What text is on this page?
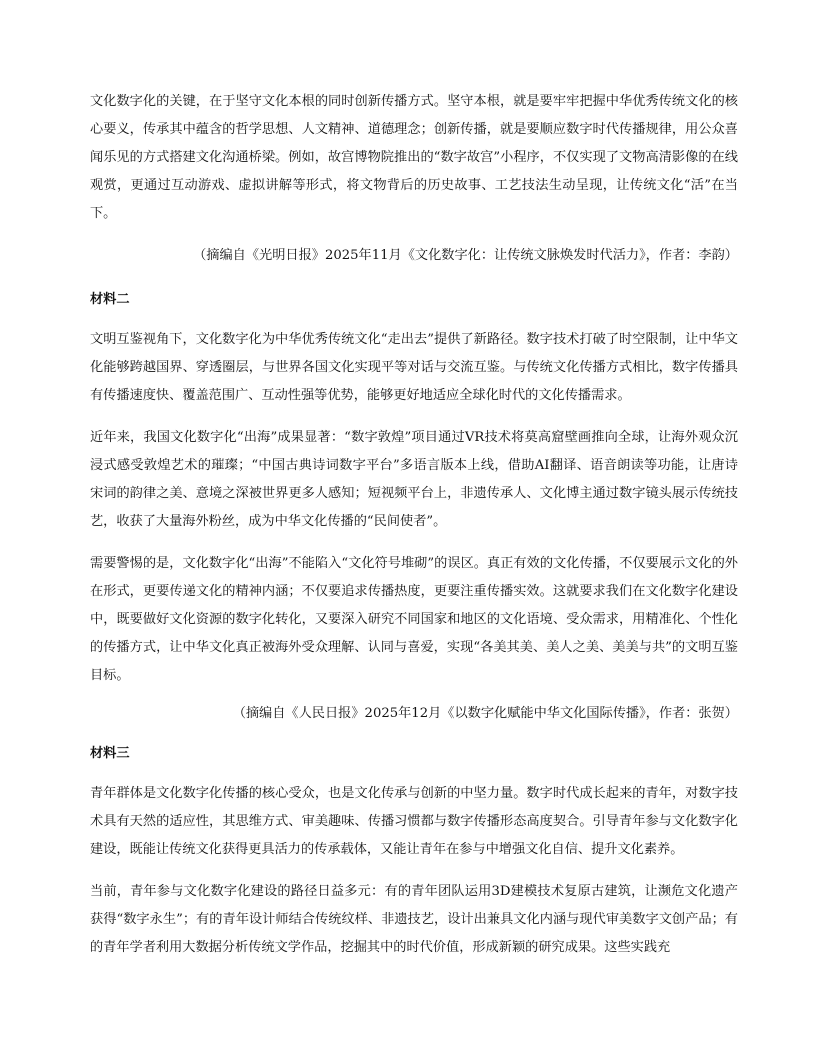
文化数字化的关键，在于坚守文化本根的同时创新传播方式。坚守本根，就是要牢牢把握中华优秀传统文化的核心要义，传承其中蕴含的哲学思想、人文精神、道德理念；创新传播，就是要顺应数字时代传播规律，用公众喜闻乐见的方式搭建文化沟通桥梁。例如，故宫博物院推出的“数字故宫”小程序，不仅实现了文物高清影像的在线观赏，更通过互动游戏、虚拟讲解等形式，将文物背后的历史故事、工艺技法生动呈现，让传统文化“活”在当下。

（摘编自《光明日报》2025年11月《文化数字化：让传统文脉焕发时代活力》，作者：李韵）

材料二

文明互鉴视角下，文化数字化为中华优秀传统文化“走出去”提供了新路径。数字技术打破了时空限制，让中华文化能够跨越国界、穿透圈层，与世界各国文化实现平等对话与交流互鉴。与传统文化传播方式相比，数字传播具有传播速度快、覆盖范围广、互动性强等优势，能够更好地适应全球化时代的文化传播需求。

近年来，我国文化数字化“出海”成果显著：“数字敦煌”项目通过VR技术将莫高窟壁画推向全球，让海外观众沉浸式感受敦煌艺术的璀璨；“中国古典诗词数字平台”多语言版本上线，借助AI翻译、语音朗读等功能，让唐诗宋词的韵律之美、意境之深被世界更多人感知；短视频平台上，非遗传承人、文化博主通过数字镜头展示传统技艺，收获了大量海外粉丝，成为中华文化传播的“民间使者”。

需要警惕的是，文化数字化“出海”不能陷入“文化符号堆砌”的误区。真正有效的文化传播，不仅要展示文化的外在形式，更要传递文化的精神内涵；不仅要追求传播热度，更要注重传播实效。这就要求我们在文化数字化建设中，既要做好文化资源的数字化转化，又要深入研究不同国家和地区的文化语境、受众需求，用精准化、个性化的传播方式，让中华文化真正被海外受众理解、认同与喜爱，实现“各美其美、美人之美、美美与共”的文明互鉴目标。

（摘编自《人民日报》2025年12月《以数字化赋能中华文化国际传播》，作者：张贺）

材料三

青年群体是文化数字化传播的核心受众，也是文化传承与创新的中坚力量。数字时代成长起来的青年，对数字技术具有天然的适应性，其思维方式、审美趣味、传播习惯都与数字传播形态高度契合。引导青年参与文化数字化建设，既能让传统文化获得更具活力的传承载体，又能让青年在参与中增强文化自信、提升文化素养。

当前，青年参与文化数字化建设的路径日益多元：有的青年团队运用3D建模技术复原古建筑，让濒危文化遗产获得“数字永生”；有的青年设计师结合传统纹样、非遗技艺，设计出兼具文化内涵与现代审美数字文创产品；有的青年学者利用大数据分析传统文学作品，挖掘其中的时代价值，形成新颖的研究成果。这些实践充
